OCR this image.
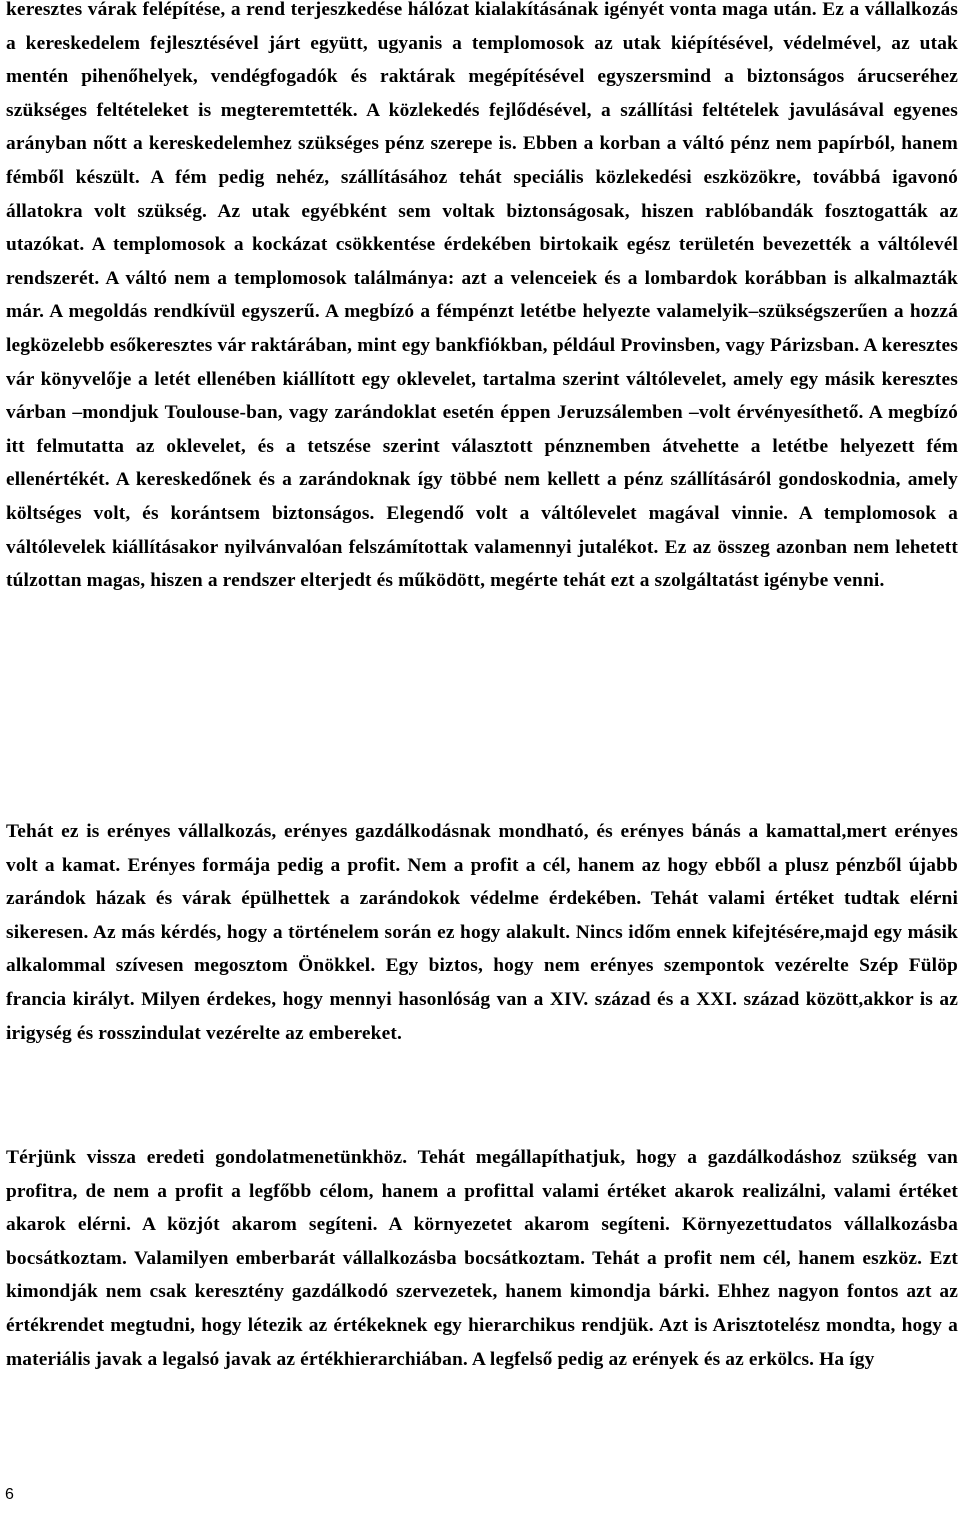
keresztes várak felépítése, a rend terjeszkedése hálózat kialakításának igényét vonta maga után. Ez a vállalkozás a kereskedelem fejlesztésével járt együtt, ugyanis a templomosok az utak kiépítésével, védelmével, az utak mentén pihenőhelyek, vendégfogadók és raktárak megépítésével egyszersmind a biztonságos árucseréhez szükséges feltételeket is megteremtették. A közlekedés fejlődésével, a szállítási feltételek javulásával egyenes arányban nőtt a kereskedelemhez szükséges pénz szerepe is. Ebben a korban a váltó pénz nem papírból, hanem fémből készült. A fém pedig nehéz, szállításához tehát speciális közlekedési eszközökre, továbbá igavonó állatokra volt szükség. Az utak egyébként sem voltak biztonságosak, hiszen rablóbandák fosztogatták az utazókat. A templomosok a kockázat csökkentése érdekében birtokaik egész területén bevezették a váltólevél rendszerét. A váltó nem a templomosok találmánya: azt a velenceiek és a lombardok korábban is alkalmazták már. A megoldás rendkívül egyszerű. A megbízó a fémpénzt letétbe helyezte valamelyik–szükségszerűen a hozzá legközelebb esőkeresztes vár raktárában, mint egy bankfiókban, például Provinsben, vagy Párizsban. A keresztes vár könyvelője a letét ellenében kiállított egy oklevelet, tartalma szerint váltólevelet, amely egy másik keresztes várban –mondjuk Toulouse-ban, vagy zarándoklat esetén éppen Jeruzsálemben –volt érvényesíthető. A megbízó itt felmutatta az oklevelet, és a tetszése szerint választott pénznemben átvehette a letétbe helyezett fém ellenértékét. A kereskedőnek és a zarándoknak így többé nem kellett a pénz szállításáról gondoskodnia, amely költséges volt, és korántsem biztonságos. Elegendő volt a váltólevelet magával vinnie. A templomosok a váltólevelek kiállításakor nyilvánvalóan felszámítottak valamennyi jutalékot. Ez az összeg azonban nem lehetett túlzottan magas, hiszen a rendszer elterjedt és működött, megérte tehát ezt a szolgáltatást igénybe venni.

Tehát ez is erényes vállalkozás, erényes gazdálkodásnak mondható, és erényes bánás a kamattal,mert erényes volt a kamat. Erényes formája pedig a profit. Nem a profit a cél, hanem az hogy ebből a plusz pénzből újabb zarándok házak és várak épülhettek a zarándokok védelme érdekében. Tehát valami értéket tudtak elérni sikeresen. Az más kérdés, hogy a történelem során ez hogy alakult. Nincs időm ennek kifejtésére,majd egy másik alkalommal szívesen megosztom Önökkel. Egy biztos, hogy nem erényes szempontok vezérelte Szép Fülöp francia királyt. Milyen érdekes, hogy mennyi hasonlóság van a XIV. század és a XXI. század között,akkor is az irigység és rosszindulat vezérelte az embereket.

Térjünk vissza eredeti gondolatmenetünkhöz. Tehát megállapíthatjuk, hogy a gazdálkodáshoz szükség van profitra, de nem a profit a legfőbb célom, hanem a profittal valami értéket akarok realizálni, valami értéket akarok elérni. A közjót akarom segíteni. A környezetet akarom segíteni. Környezettudatos vállalkozásba bocsátkoztam. Valamilyen emberbarát vállalkozásba bocsátkoztam. Tehát a profit nem cél, hanem eszköz. Ezt kimondják nem csak keresztény gazdálkodó szervezetek, hanem kimondja bárki. Ehhez nagyon fontos azt az értékrendet megtudni, hogy létezik az értékeknek egy hierarchikus rendjük. Azt is Arisztotelész mondta, hogy a materiális javak a legalsó javak az értékhierarchiában. A legfelső pedig az erények és az erkölcs. Ha így

6
